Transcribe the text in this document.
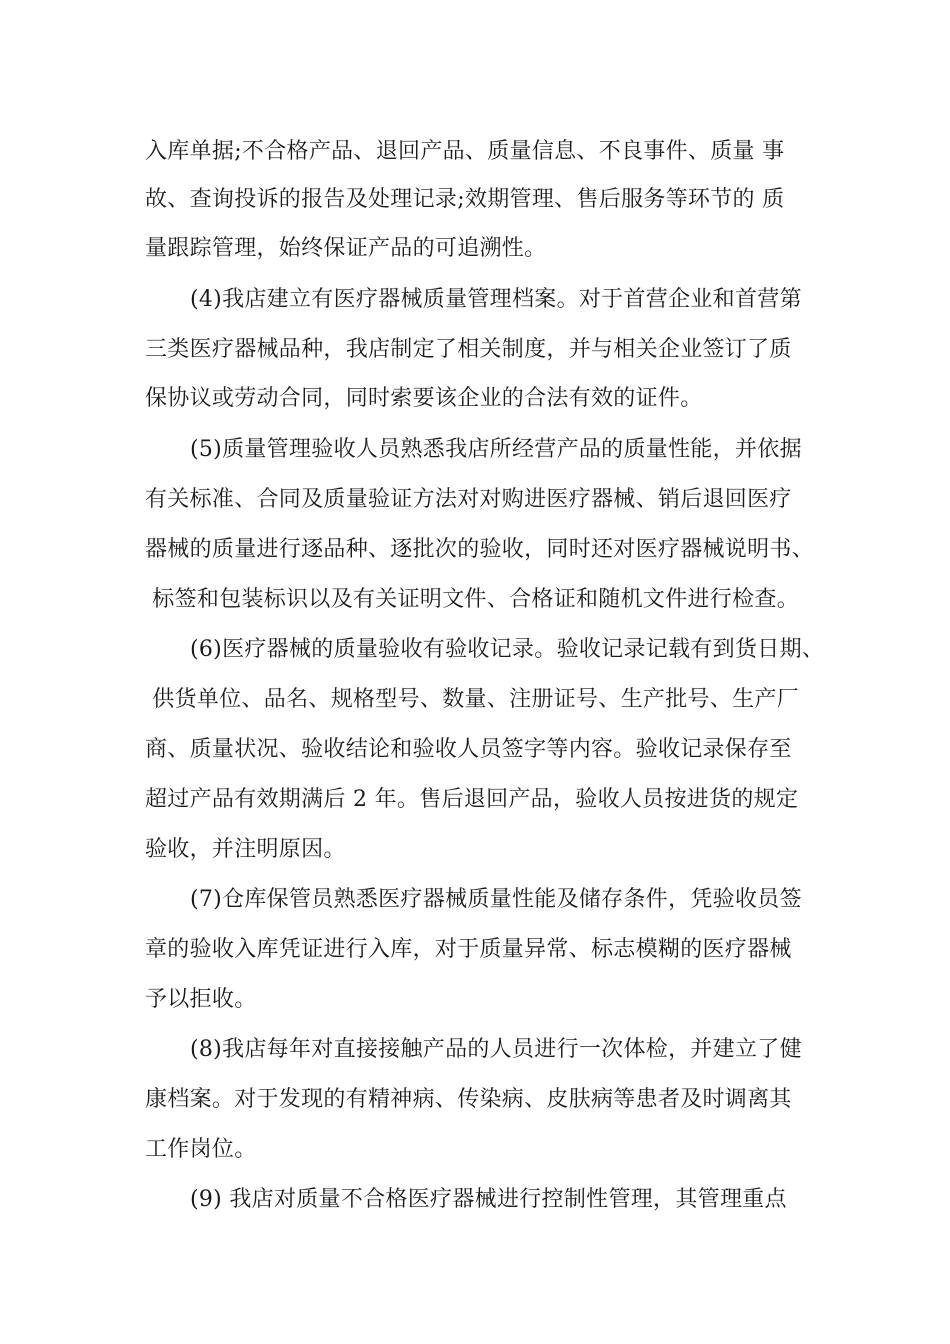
入库单据;不合格产品、退回产品、质量信息、不良事件、质量 事
故、查询投诉的报告及处理记录;效期管理、售后服务等环节的 质
量跟踪管理，始终保证产品的可追溯性。
(4)我店建立有医疗器械质量管理档案。对于首营企业和首营第
三类医疗器械品种，我店制定了相关制度，并与相关企业签订了质
保协议或劳动合同，同时索要该企业的合法有效的证件。
(5)质量管理验收人员熟悉我店所经营产品的质量性能，并依据
有关标准、合同及质量验证方法对对购进医疗器械、销后退回医疗
器械的质量进行逐品种、逐批次的验收，同时还对医疗器械说明书、
标签和包装标识以及有关证明文件、合格证和随机文件进行检查。
(6)医疗器械的质量验收有验收记录。验收记录记载有到货日期、
供货单位、品名、规格型号、数量、注册证号、生产批号、生产厂
商、质量状况、验收结论和验收人员签字等内容。验收记录保存至
超过产品有效期满后 2 年。售后退回产品，验收人员按进货的规定
验收，并注明原因。
(7)仓库保管员熟悉医疗器械质量性能及储存条件，凭验收员签
章的验收入库凭证进行入库，对于质量异常、标志模糊的医疗器械
予以拒收。
(8)我店每年对直接接触产品的人员进行一次体检，并建立了健
康档案。对于发现的有精神病、传染病、皮肤病等患者及时调离其
工作岗位。
(9) 我店对质量不合格医疗器械进行控制性管理，其管理重点
